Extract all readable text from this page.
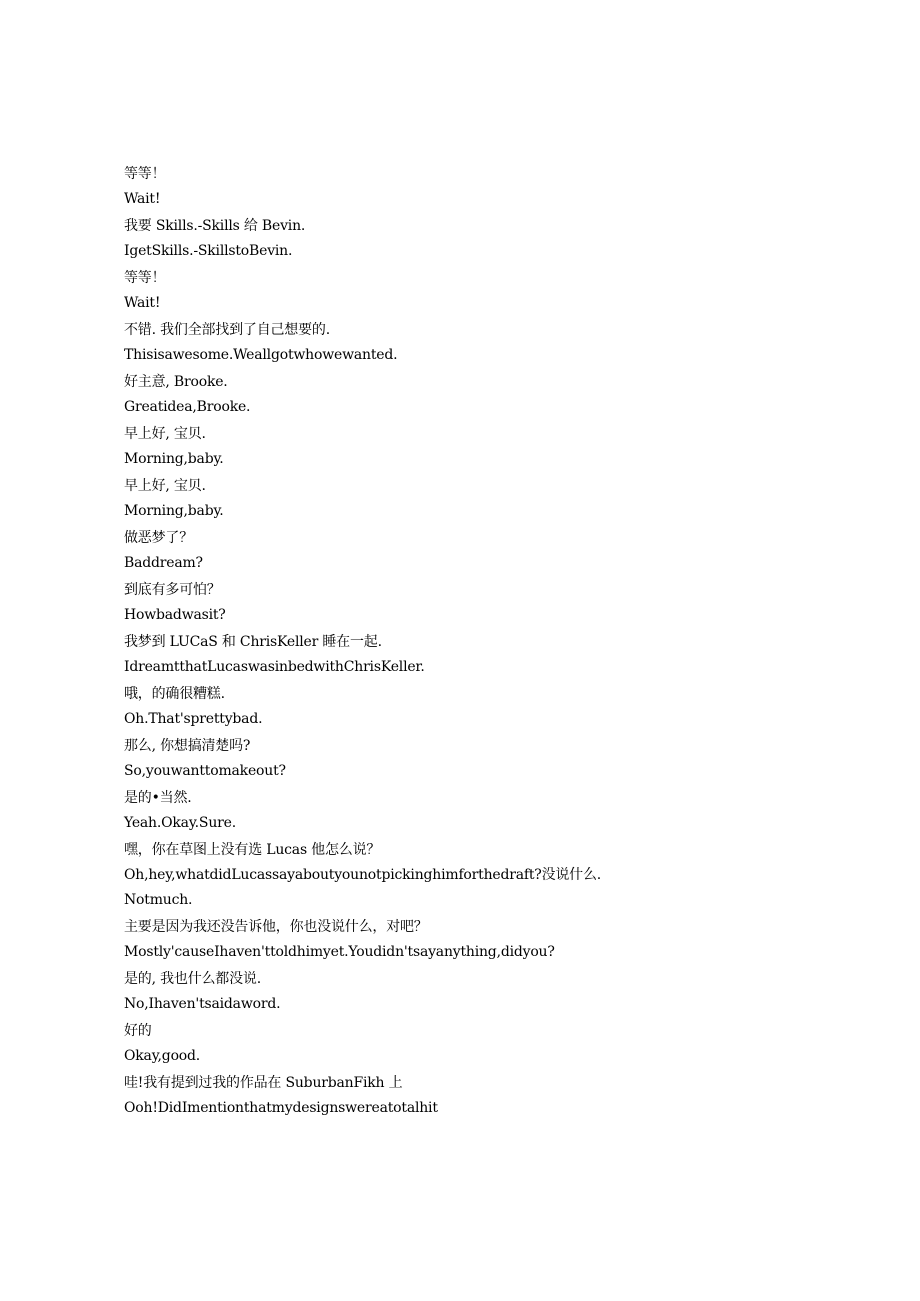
等等！
Wait!
我要 Skills.-Skills 给 Bevin.
IgetSkills.-SkillstoBevin.
等等！
Wait!
不错. 我们全部找到了自己想要的.
Thisisawesome.Weallgotwhowewanted.
好主意, Brooke.
Greatidea,Brooke.
早上好, 宝贝.
Morning,baby.
早上好, 宝贝.
Morning,baby.
做恶梦了？
Baddream?
到底有多可怕？
Howbadwasit?
我梦到 LUCaS 和 ChrisKeller 睡在一起.
IdreamtthatLucaswasinbedwithChrisKeller.
哦，的确很糟糕.
Oh.That'sprettybad.
那么, 你想搞清楚吗?
So,youwanttomakeout?
是的•当然.
Yeah.Okay.Sure.
嘿，你在草图上没有选 Lucas 他怎么说？
Oh,hey,whatdidLucassayaboutyounotpickinghimforthedraft?没说什么.
Notmuch.
主要是因为我还没告诉他，你也没说什么，对吧？
Mostly'causeIhaven'ttoldhimyet.Youdidn'tsayanything,didyou?
是的, 我也什么都没说.
No,Ihaven'tsaidaword.
好的
Okay,good.
哇!我有提到过我的作品在 SuburbanFikh 上
Ooh!DidImentionthatmydesignswereatotalhit
